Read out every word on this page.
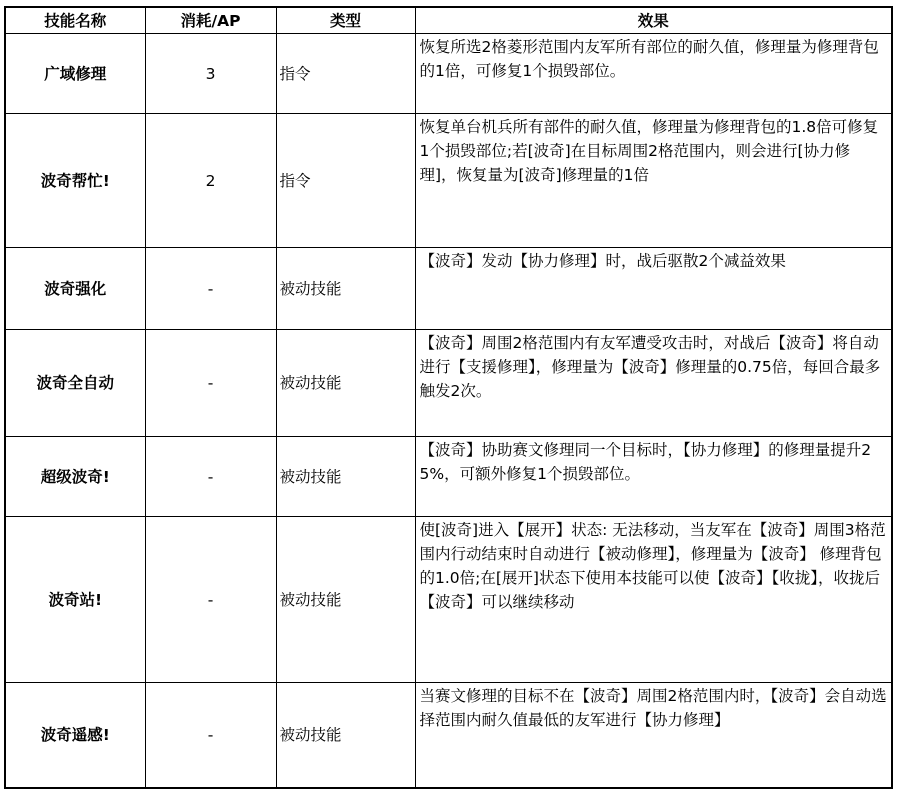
技能名称	消耗/AP	类型	效果
广域修理	3	指令	恢复所选2格菱形范围内友军所有部位的耐久值，修理量为修理背包的1倍，可修复1个损毁部位。
波奇帮忙!	2	指令	恢复单台机兵所有部件的耐久值，修理量为修理背包的1.8倍可修复1个损毁部位;若[波奇]在目标周围2格范围内，则会进行[协力修理]，恢复量为[波奇]修理量的1倍
波奇强化	-	被动技能	【波奇】发动【协力修理】时，战后驱散2个减益效果
波奇全自动	-	被动技能	【波奇】周围2格范围内有友军遭受攻击时，对战后【波奇】将自动进行【支援修理】，修理量为【波奇】修理量的0.75倍，每回合最多触发2次。
超级波奇!	-	被动技能	【波奇】协助赛文修理同一个目标时，【协力修理】的修理量提升25%，可额外修复1个损毁部位。
波奇站!	-	被动技能	使[波奇]进入【展开】状态: 无法移动，当友军在【波奇】周围3格范围内行动结束时自动进行【被动修理】，修理量为【波奇】 修理背包的1.0倍;在[展开]状态下使用本技能可以使【波奇】【收拢】，收拢后【波奇】可以继续移动
波奇遥感!	-	被动技能	当赛文修理的目标不在【波奇】周围2格范围内时，【波奇】会自动选择范围内耐久值最低的友军进行【协力修理】
